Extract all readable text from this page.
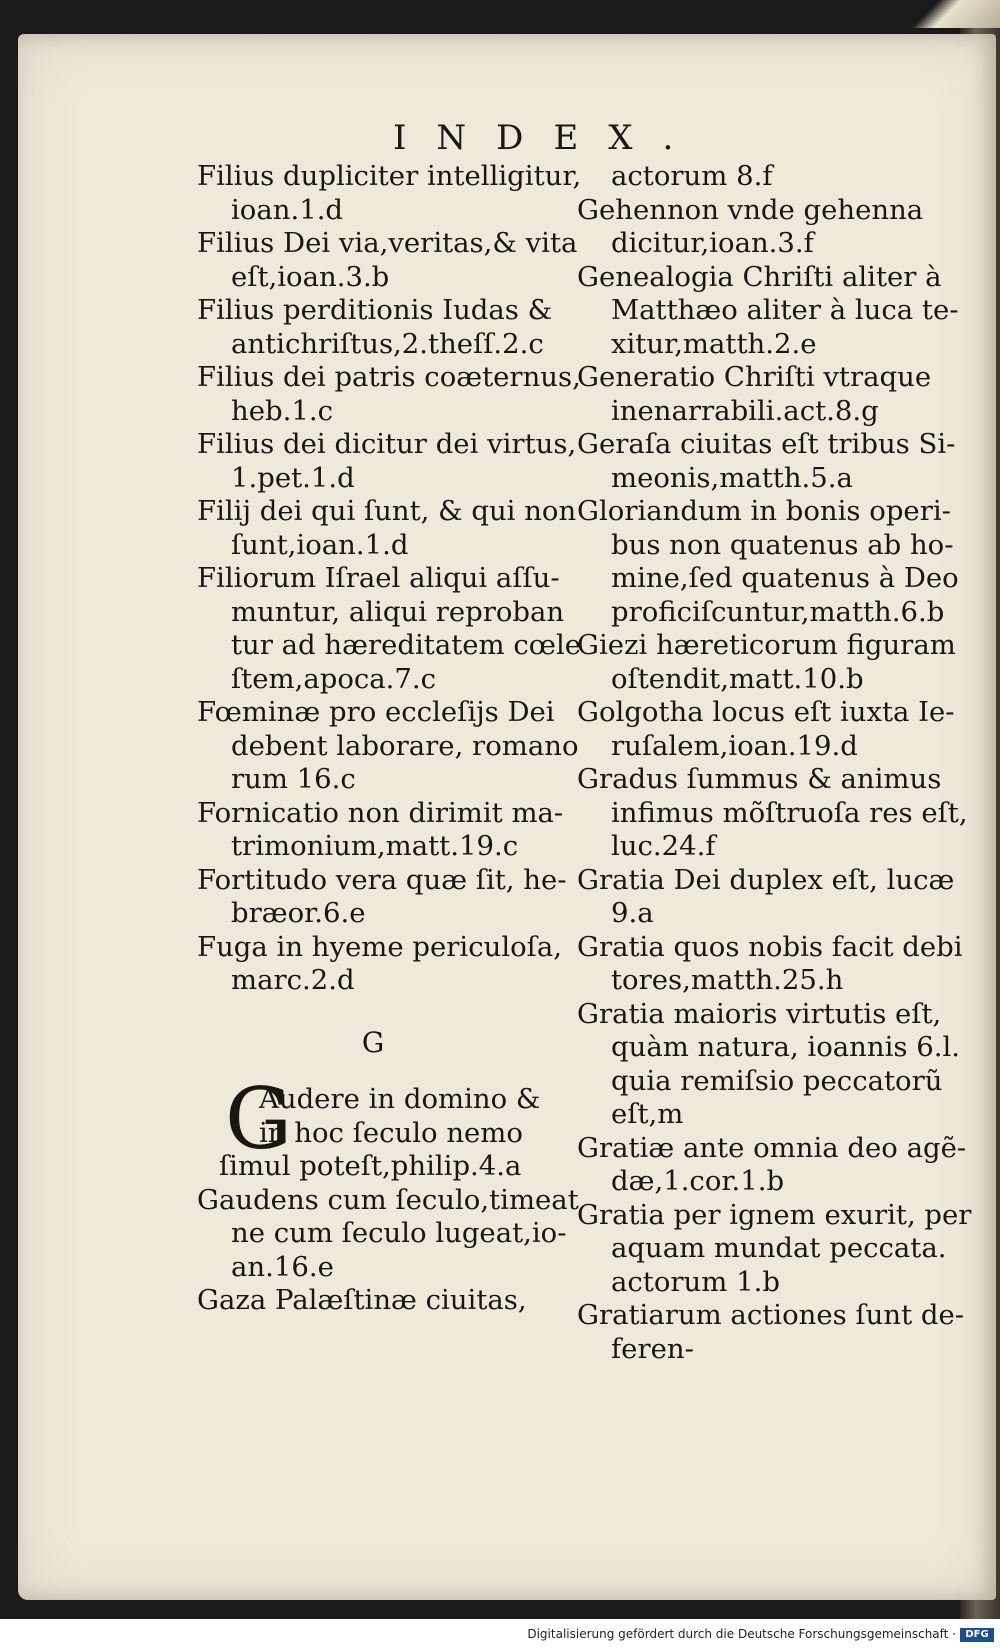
INDEX.
Filius dupliciter intelligitur,
ioan.1.d
Filius Dei via,veritas,& vita
eſt,ioan.3.b
Filius perditionis Iudas &
antichriſtus,2.theſſ.2.c
Filius dei patris coæternus,
heb.1.c
Filius dei dicitur dei virtus,
1.pet.1.d
Filij dei qui ſunt, & qui non
ſunt,ioan.1.d
Filiorum Iſrael aliqui aſſu-
muntur, aliqui reproban
tur ad hæreditatem cœle
ſtem,apoca.7.c
Fœminæ pro eccleſijs Dei
debent laborare, romano
rum 16.c
Fornicatio non dirimit ma-
trimonium,matt.19.c
Fortitudo vera quæ ſit, he-
bræor.6.e
Fuga in hyeme periculoſa,
marc.2.d
G
G
Audere in domino &
in hoc ſeculo nemo
ſimul poteſt,philip.4.a
Gaudens cum ſeculo,timeat
ne cum ſeculo lugeat,io-
an.16.e
Gaza Palæſtinæ ciuitas,
actorum 8.f
Gehennon vnde gehenna
dicitur,ioan.3.f
Genealogia Chriſti aliter à
Matthæo aliter à luca te-
xitur,matth.2.e
Generatio Chriſti vtraque
inenarrabili.act.8.g
Geraſa ciuitas eſt tribus Si-
meonis,matth.5.a
Gloriandum in bonis operi-
bus non quatenus ab ho-
mine,ſed quatenus à Deo
proficiſcuntur,matth.6.b
Giezi hæreticorum figuram
oſtendit,matt.10.b
Golgotha locus eſt iuxta Ie-
ruſalem,ioan.19.d
Gradus ſummus & animus
infimus mõſtruoſa res eſt,
luc.24.f
Gratia Dei duplex eſt, lucæ
9.a
Gratia quos nobis facit debi
tores,matth.25.h
Gratia maioris virtutis eſt,
quàm natura, ioannis 6.l.
quia remiſsio peccatorũ
eſt,m
Gratiæ ante omnia deo agẽ-
dæ,1.cor.1.b
Gratia per ignem exurit, per
aquam mundat peccata.
actorum 1.b
Gratiarum actiones ſunt de-
feren-
Digitalisierung gefördert durch die Deutsche Forschungsgemeinschaft · DFG
